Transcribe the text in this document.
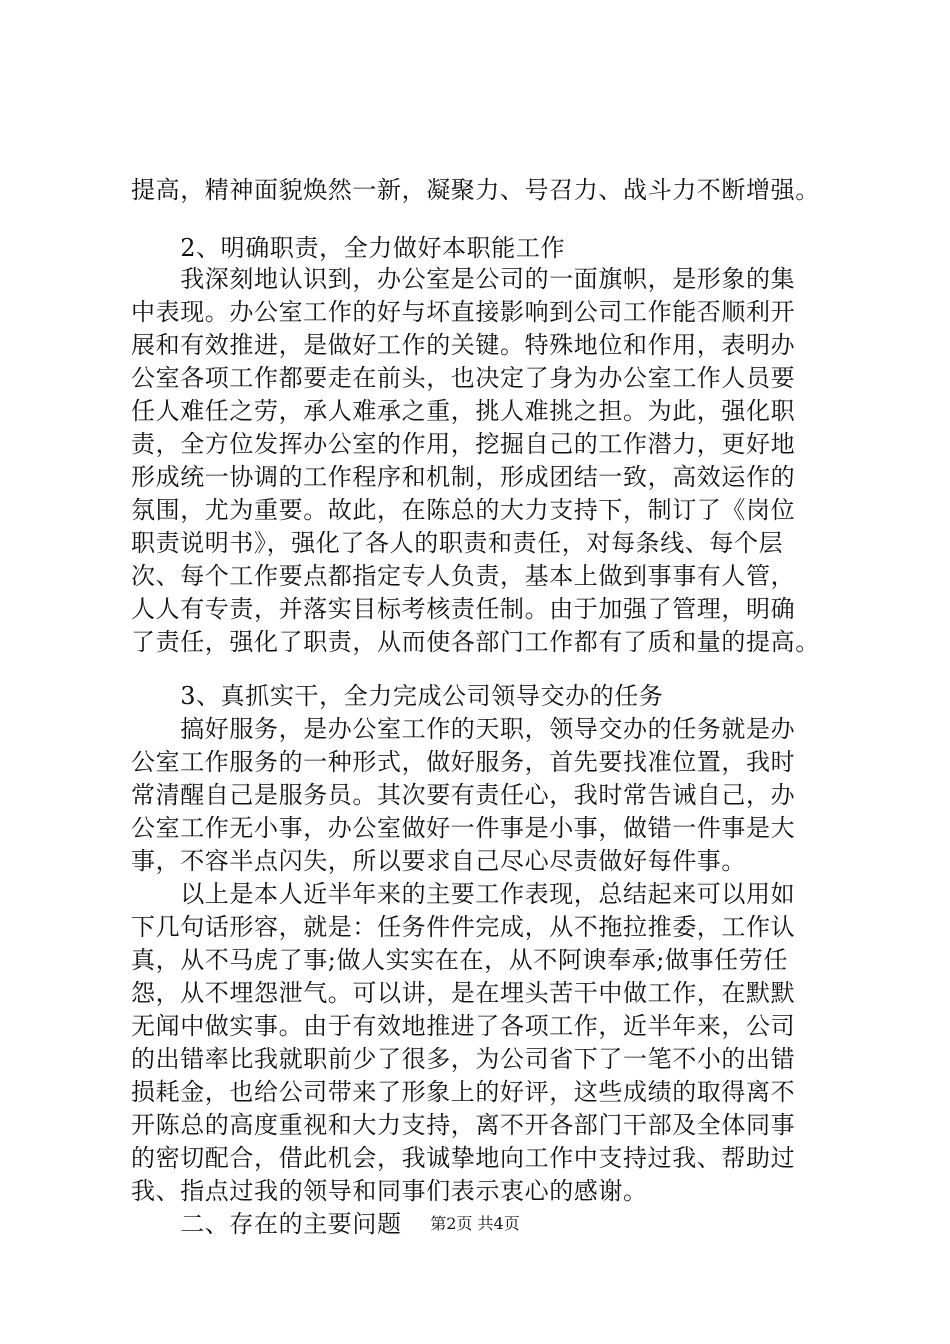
提高，精神面貌焕然一新，凝聚力、号召力、战斗力不断增强。
　　2、明确职责，全力做好本职能工作
　　我深刻地认识到，办公室是公司的一面旗帜，是形象的集
中表现。办公室工作的好与坏直接影响到公司工作能否顺利开
展和有效推进，是做好工作的关键。特殊地位和作用，表明办
公室各项工作都要走在前头，也决定了身为办公室工作人员要
任人难任之劳，承人难承之重，挑人难挑之担。为此，强化职
责，全方位发挥办公室的作用，挖掘自己的工作潜力，更好地
形成统一协调的工作程序和机制，形成团结一致，高效运作的
氛围，尤为重要。故此，在陈总的大力支持下，制订了《岗位
职责说明书》，强化了各人的职责和责任，对每条线、每个层
次、每个工作要点都指定专人负责，基本上做到事事有人管，
人人有专责，并落实目标考核责任制。由于加强了管理，明确
了责任，强化了职责，从而使各部门工作都有了质和量的提高。
　　3、真抓实干，全力完成公司领导交办的任务
　　搞好服务，是办公室工作的天职，领导交办的任务就是办
公室工作服务的一种形式，做好服务，首先要找准位置，我时
常清醒自己是服务员。其次要有责任心，我时常告诫自己，办
公室工作无小事，办公室做好一件事是小事，做错一件事是大
事，不容半点闪失，所以要求自己尽心尽责做好每件事。
　　以上是本人近半年来的主要工作表现，总结起来可以用如
下几句话形容，就是：任务件件完成，从不拖拉推委，工作认
真，从不马虎了事;做人实实在在，从不阿谀奉承;做事任劳任
怨，从不埋怨泄气。可以讲，是在埋头苦干中做工作，在默默
无闻中做实事。由于有效地推进了各项工作，近半年来，公司
的出错率比我就职前少了很多，为公司省下了一笔不小的出错
损耗金，也给公司带来了形象上的好评，这些成绩的取得离不
开陈总的高度重视和大力支持，离不开各部门干部及全体同事
的密切配合，借此机会，我诚挚地向工作中支持过我、帮助过
我、指点过我的领导和同事们表示衷心的感谢。
　　二、存在的主要问题	第2页 共4页
